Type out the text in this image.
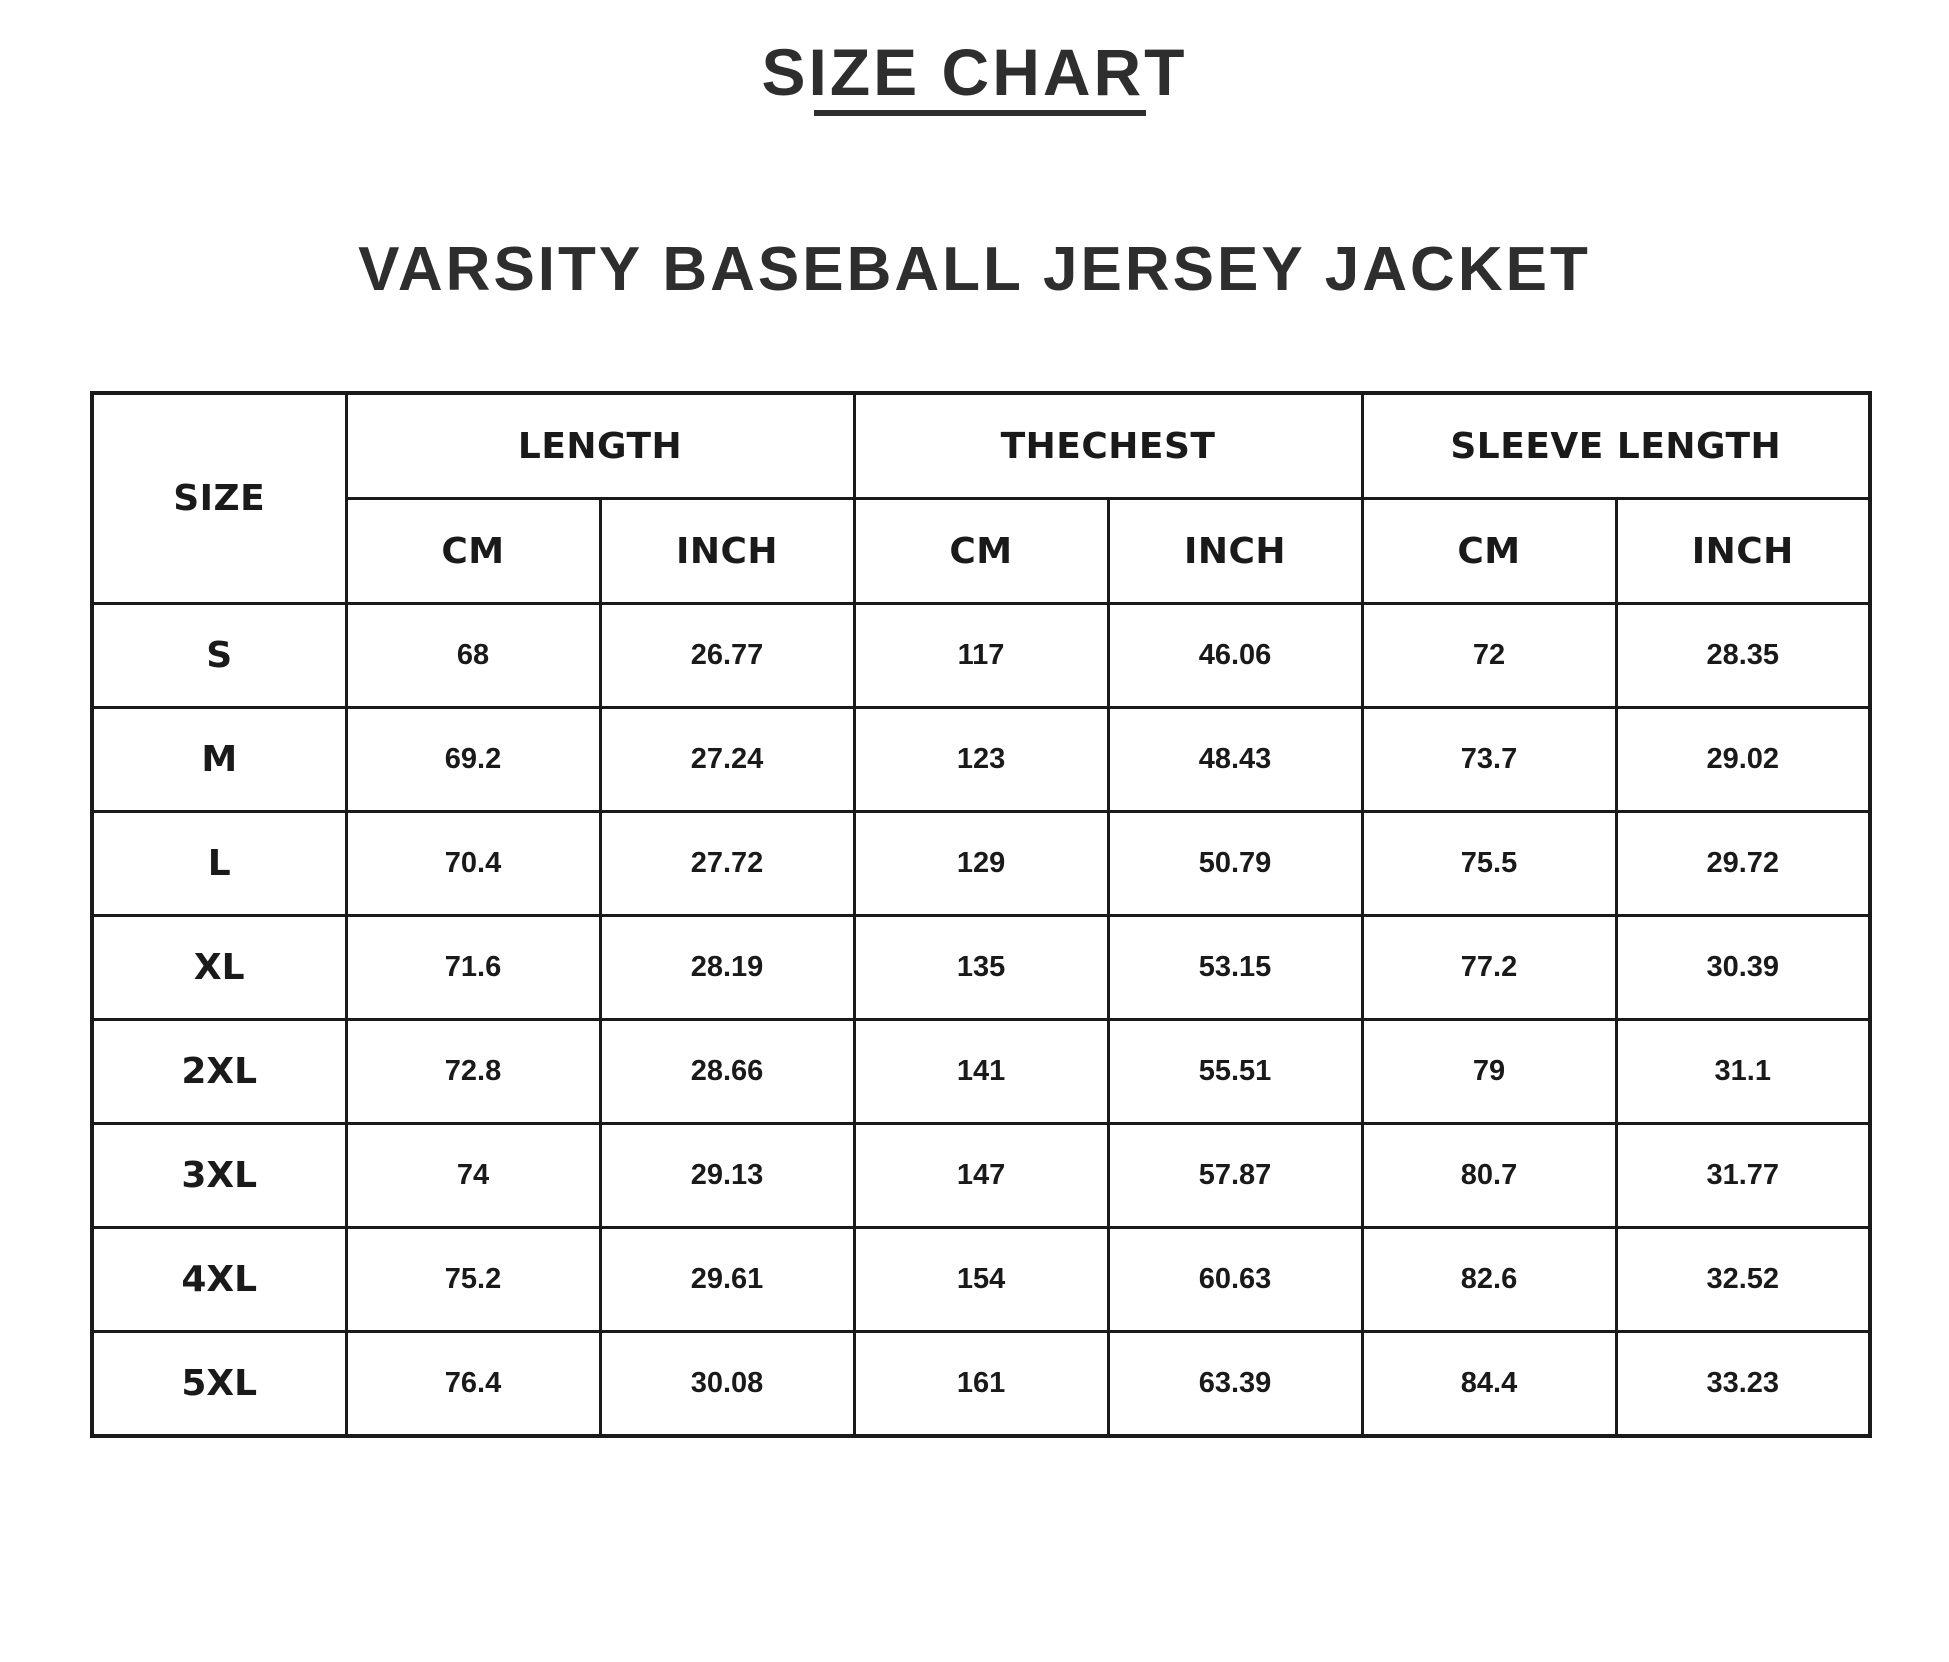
SIZE CHART
VARSITY BASEBALL JERSEY JACKET
SIZE	LENGTH		THECHEST		SLEEVE LENGTH	
	CM	INCH	CM	INCH	CM	INCH
S	68	26.77	117	46.06	72	28.35
M	69.2	27.24	123	48.43	73.7	29.02
L	70.4	27.72	129	50.79	75.5	29.72
XL	71.6	28.19	135	53.15	77.2	30.39
2XL	72.8	28.66	141	55.51	79	31.1
3XL	74	29.13	147	57.87	80.7	31.77
4XL	75.2	29.61	154	60.63	82.6	32.52
5XL	76.4	30.08	161	63.39	84.4	33.23
